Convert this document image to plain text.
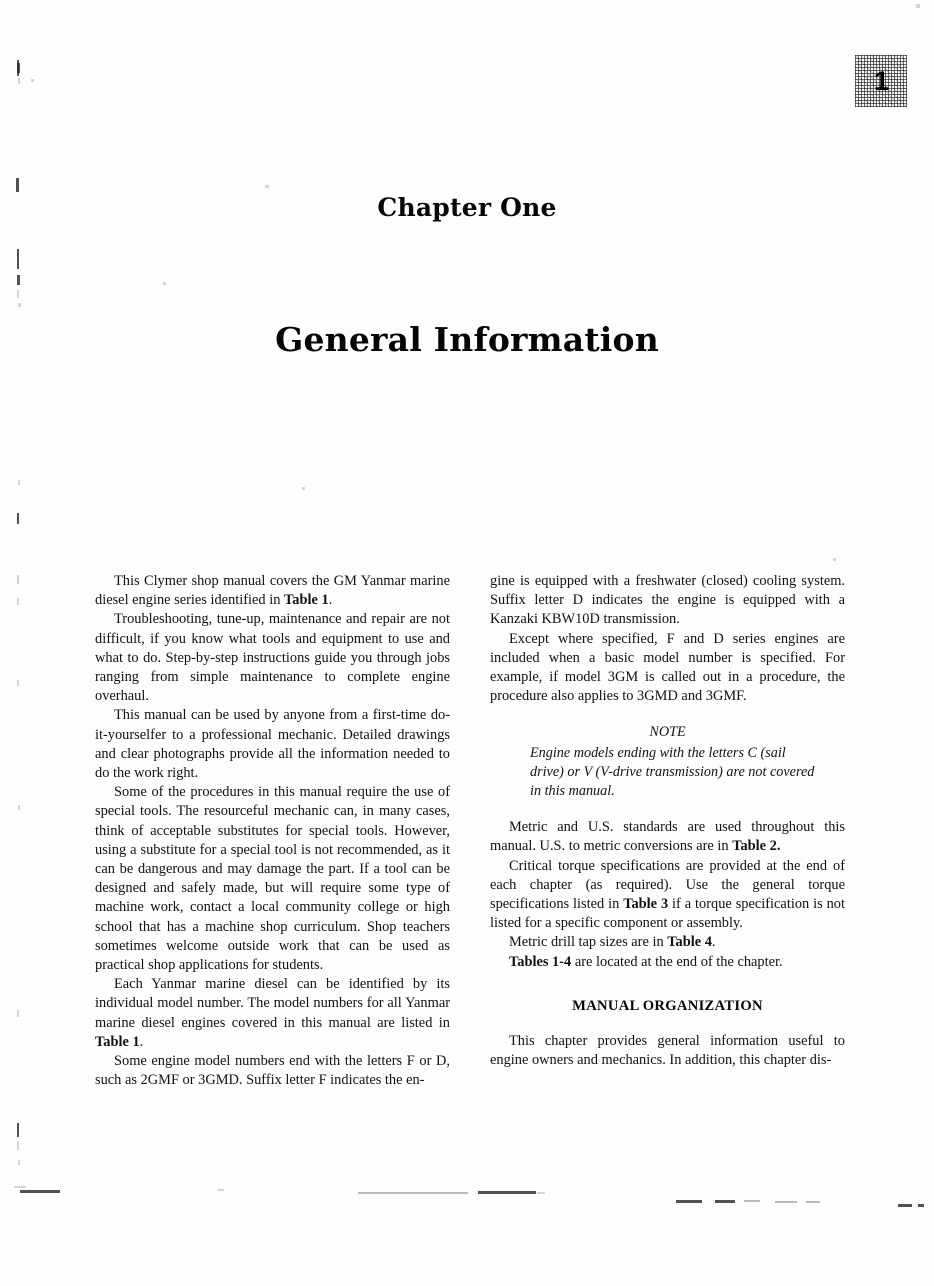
1
Chapter One
General Information

This Clymer shop manual covers the GM Yanmar marine diesel engine series identified in Table 1.

Troubleshooting, tune-up, maintenance and repair are not difficult, if you know what tools and equipment to use and what to do. Step-by-step instructions guide you through jobs ranging from simple maintenance to complete engine overhaul.

This manual can be used by anyone from a first-time do-it-yourselfer to a professional mechanic. Detailed drawings and clear photographs provide all the information needed to do the work right.

Some of the procedures in this manual require the use of special tools. The resourceful mechanic can, in many cases, think of acceptable substitutes for special tools. However, using a substitute for a special tool is not recommended, as it can be dangerous and may damage the part. If a tool can be designed and safely made, but will require some type of machine work, contact a local community college or high school that has a machine shop curriculum. Shop teachers sometimes welcome outside work that can be used as practical shop applications for students.

Each Yanmar marine diesel can be identified by its individual model number. The model numbers for all Yanmar marine diesel engines covered in this manual are listed in Table 1.

Some engine model numbers end with the letters F or D, such as 2GMF or 3GMD. Suffix letter F indicates the en-

gine is equipped with a freshwater (closed) cooling system. Suffix letter D indicates the engine is equipped with a Kanzaki KBW10D transmission.

Except where specified, F and D series engines are included when a basic model number is specified. For example, if model 3GM is called out in a procedure, the procedure also applies to 3GMD and 3GMF.

NOTE
Engine models ending with the letters C (sail drive) or V (V-drive transmission) are not covered in this manual.

Metric and U.S. standards are used throughout this manual. U.S. to metric conversions are in Table 2.

Critical torque specifications are provided at the end of each chapter (as required). Use the general torque specifications listed in Table 3 if a torque specification is not listed for a specific component or assembly.

Metric drill tap sizes are in Table 4.

Tables 1-4 are located at the end of the chapter.

MANUAL ORGANIZATION

This chapter provides general information useful to engine owners and mechanics. In addition, this chapter dis-
